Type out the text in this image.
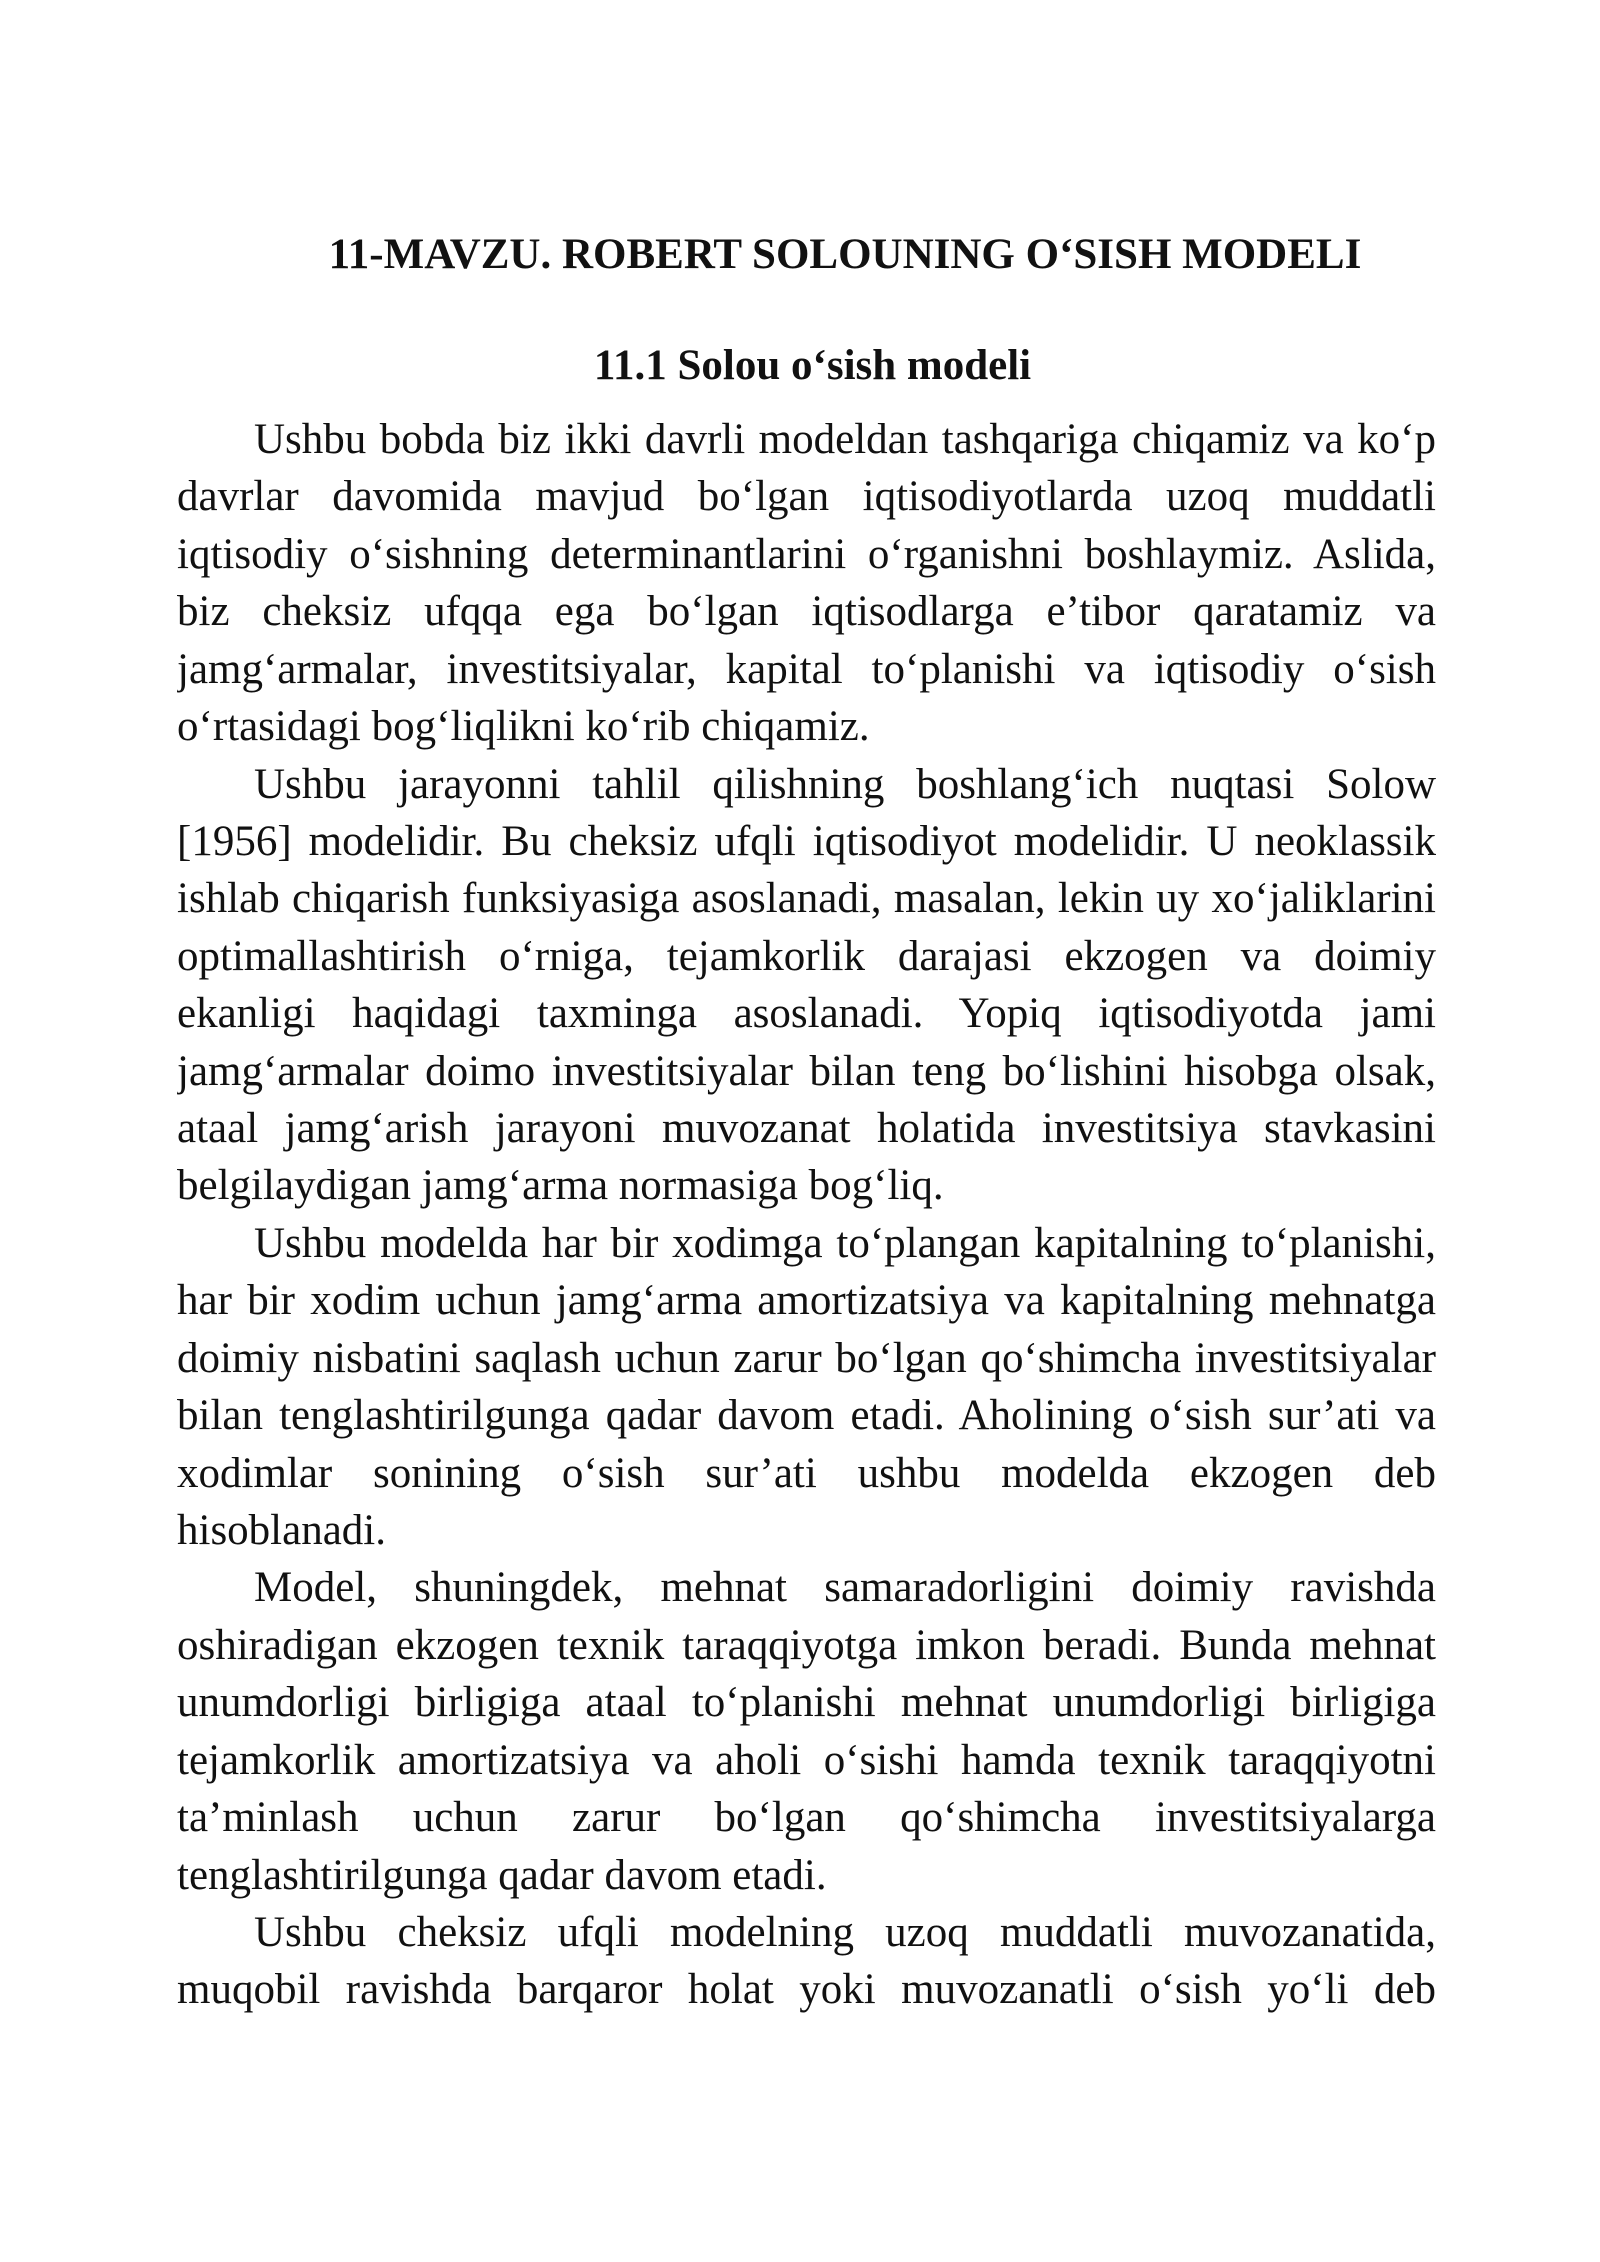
11-MAVZU. ROBERT SOLOUNING O‘SISH MODELI
11.1 Solou o‘sish modeli
Ushbu bobda biz ikki davrli modeldan tashqariga chiqamiz va ko‘p
davrlar davomida mavjud bo‘lgan iqtisodiyotlarda uzoq muddatli
iqtisodiy o‘sishning determinantlarini o‘rganishni boshlaymiz. Aslida,
biz cheksiz ufqqa ega bo‘lgan iqtisodlarga e’tibor qaratamiz va
jamg‘armalar, investitsiyalar, kapital to‘planishi va iqtisodiy o‘sish
o‘rtasidagi bog‘liqlikni ko‘rib chiqamiz.
Ushbu jarayonni tahlil qilishning boshlang‘ich nuqtasi Solow
[1956] modelidir. Bu cheksiz ufqli iqtisodiyot modelidir. U neoklassik
ishlab chiqarish funksiyasiga asoslanadi, masalan, lekin uy xo‘jaliklarini
optimallashtirish o‘rniga, tejamkorlik darajasi ekzogen va doimiy
ekanligi haqidagi taxminga asoslanadi. Yopiq iqtisodiyotda jami
jamg‘armalar doimo investitsiyalar bilan teng bo‘lishini hisobga olsak,
ataal jamg‘arish jarayoni muvozanat holatida investitsiya stavkasini
belgilaydigan jamg‘arma normasiga bog‘liq.
Ushbu modelda har bir xodimga to‘plangan kapitalning to‘planishi,
har bir xodim uchun jamg‘arma amortizatsiya va kapitalning mehnatga
doimiy nisbatini saqlash uchun zarur bo‘lgan qo‘shimcha investitsiyalar
bilan tenglashtirilgunga qadar davom etadi. Aholining o‘sish sur’ati va
xodimlar sonining o‘sish sur’ati ushbu modelda ekzogen deb
hisoblanadi.
Model, shuningdek, mehnat samaradorligini doimiy ravishda
oshiradigan ekzogen texnik taraqqiyotga imkon beradi. Bunda mehnat
unumdorligi birligiga ataal to‘planishi mehnat unumdorligi birligiga
tejamkorlik amortizatsiya va aholi o‘sishi hamda texnik taraqqiyotni
ta’minlash uchun zarur bo‘lgan qo‘shimcha investitsiyalarga
tenglashtirilgunga qadar davom etadi.
Ushbu cheksiz ufqli modelning uzoq muddatli muvozanatida,
muqobil ravishda barqaror holat yoki muvozanatli o‘sish yo‘li deb
